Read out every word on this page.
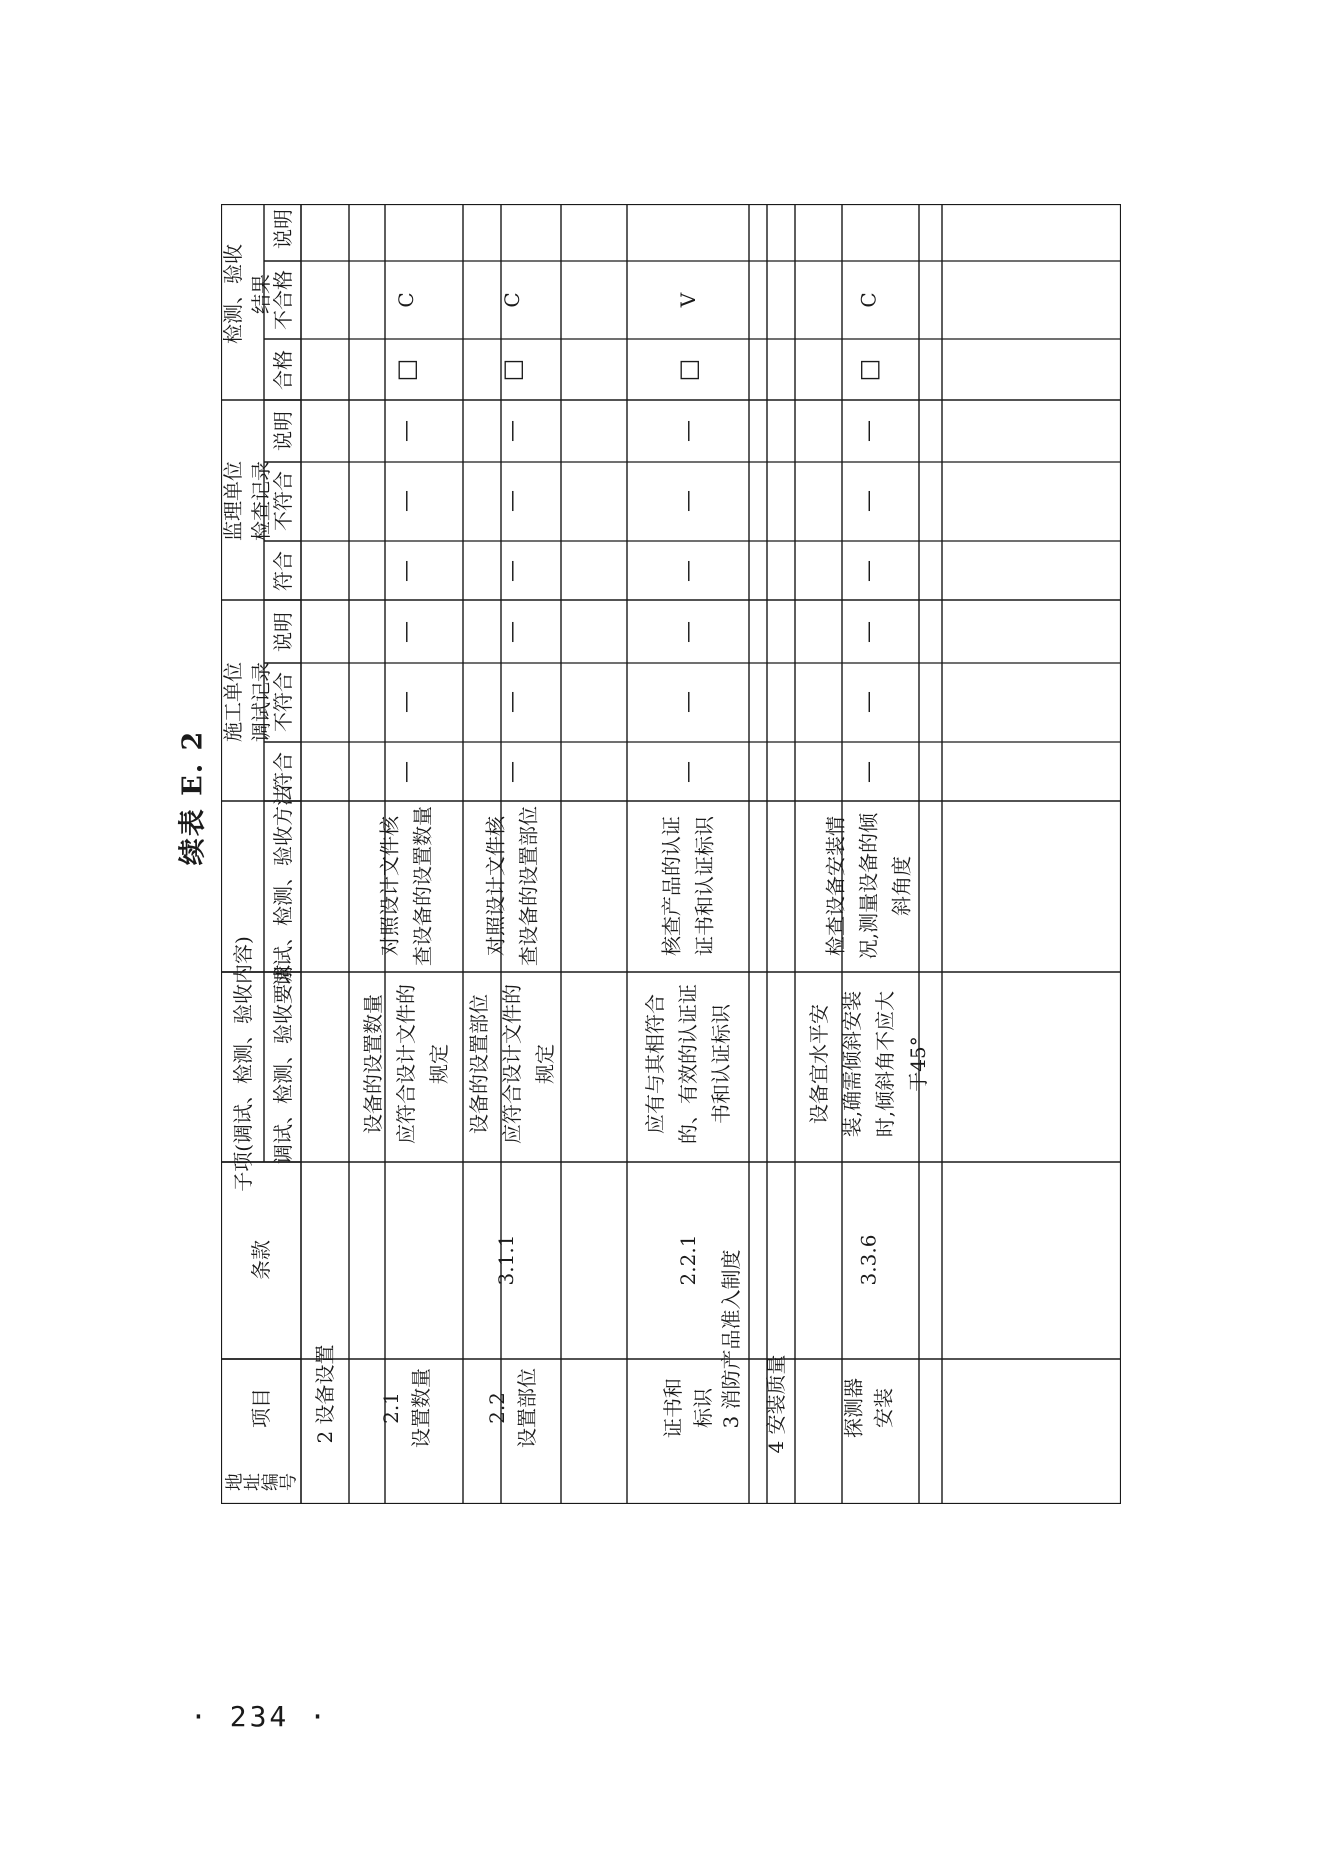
续表 E. 2
· 234 ·
检测、验收 结果
说明
不合格
合格
监理单位 检查记录
说明
不符合
符合
施工单位 调试记录
说明
不符合
符合
调试、检测、验收方法
子项(调试、检测、验收内容) 调试、检测、验收要求
条款
项目
地
址
编
号
2 设备设置	3 消防产品准入制度 4 安装质量
2.1 设置数量
设备的设置数量 应符合设计文件的 规定
对照设计文件核 查设备的设置数量
—
—
—
—
—
—
□
C
2.2 设置部位
设备的设置部位 应符合设计文件的 规定
对照设计文件核 查设备的设置部位
—
—
—
—
—
—
□
C
证书和 标识
应有与其相符合 的、有效的认证证 书和认证标识
核查产品的认证 证书和认证标识
2.2.1
—
—
—
—
—
—
□
V
探测器 安装
设备宜水平安 装,确需倾斜安装 时,倾斜角不应大 于45°
检查设备安装情 况,测量设备的倾 斜角度
3.3.6
—
—
—
—
—
—
□
C
3.1.1
